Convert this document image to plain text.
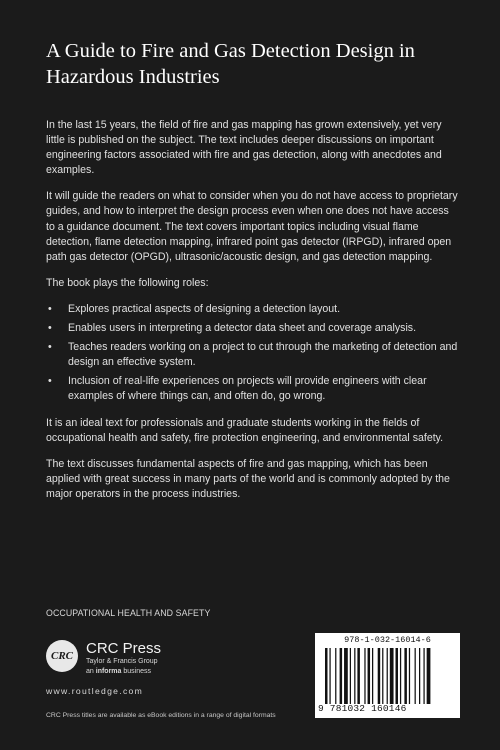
A Guide to Fire and Gas Detection Design in Hazardous Industries

In the last 15 years, the field of fire and gas mapping has grown extensively, yet very little is published on the subject. The text includes deeper discussions on important engineering factors associated with fire and gas detection, along with anecdotes and examples.

It will guide the readers on what to consider when you do not have access to proprietary guides, and how to interpret the design process even when one does not have access to a guidance document. The text covers important topics including visual flame detection, flame detection mapping, infrared point gas detector (IRPGD), infrared open path gas detector (OPGD), ultrasonic/acoustic design, and gas detection mapping.

The book plays the following roles:

• Explores practical aspects of designing a detection layout.
• Enables users in interpreting a detector data sheet and coverage analysis.
• Teaches readers working on a project to cut through the marketing of detection and design an effective system.
• Inclusion of real-life experiences on projects will provide engineers with clear examples of where things can, and often do, go wrong.

It is an ideal text for professionals and graduate students working in the fields of occupational health and safety, fire protection engineering, and environmental safety.

The text discusses fundamental aspects of fire and gas mapping, which has been applied with great success in many parts of the world and is commonly adopted by the major operators in the process industries.

OCCUPATIONAL HEALTH AND SAFETY
CRC CRC Press
Taylor & Francis Group
an informa business
www.routledge.com
CRC Press titles are available as eBook editions in a range of digital formats
978-1-032-16014-6
9 781032 160146
